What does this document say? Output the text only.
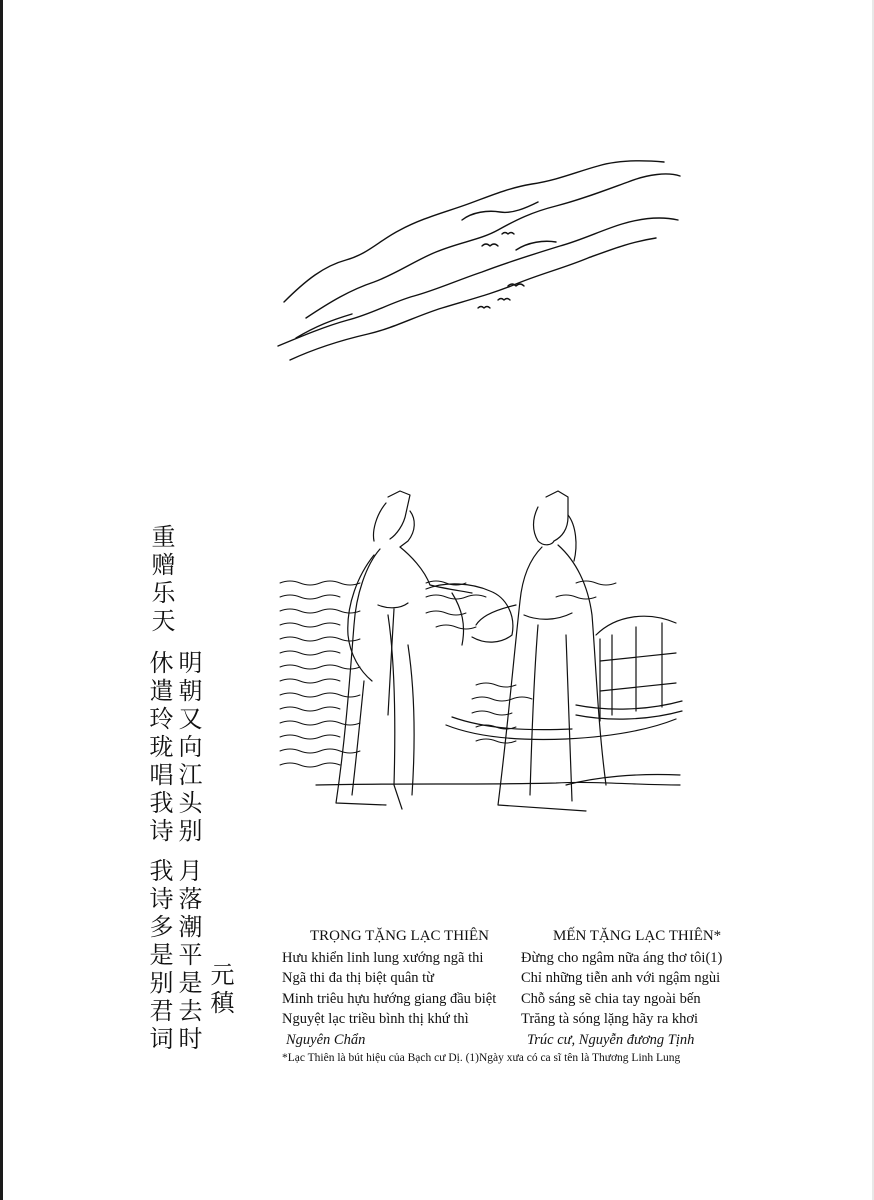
重赠乐天
明朝又向江头别
休遣玲珑唱我诗
月落潮平是去时
我诗多是别君词 元稹
TRỌNG TẶNG LẠC THIÊN
Hưu khiển linh lung xướng ngã thi
Ngã thi đa thị biệt quân từ
Minh triêu hựu hướng giang đầu biệt
Nguyệt lạc triều bình thị khứ thì
Nguyên Chẩn
MẾN TẶNG LẠC THIÊN*
Đừng cho ngâm nữa áng thơ tôi(1)
Chỉ những tiễn anh với ngậm ngùi
Chỗ sáng sẽ chia tay ngoài bến
Trăng tà sóng lặng hãy ra khơi
Trúc cư, Nguyễn đương Tịnh
*Lạc Thiên là bút hiệu của Bạch cư Dị. (1)Ngày xưa có ca sĩ tên là Thương Linh Lung
